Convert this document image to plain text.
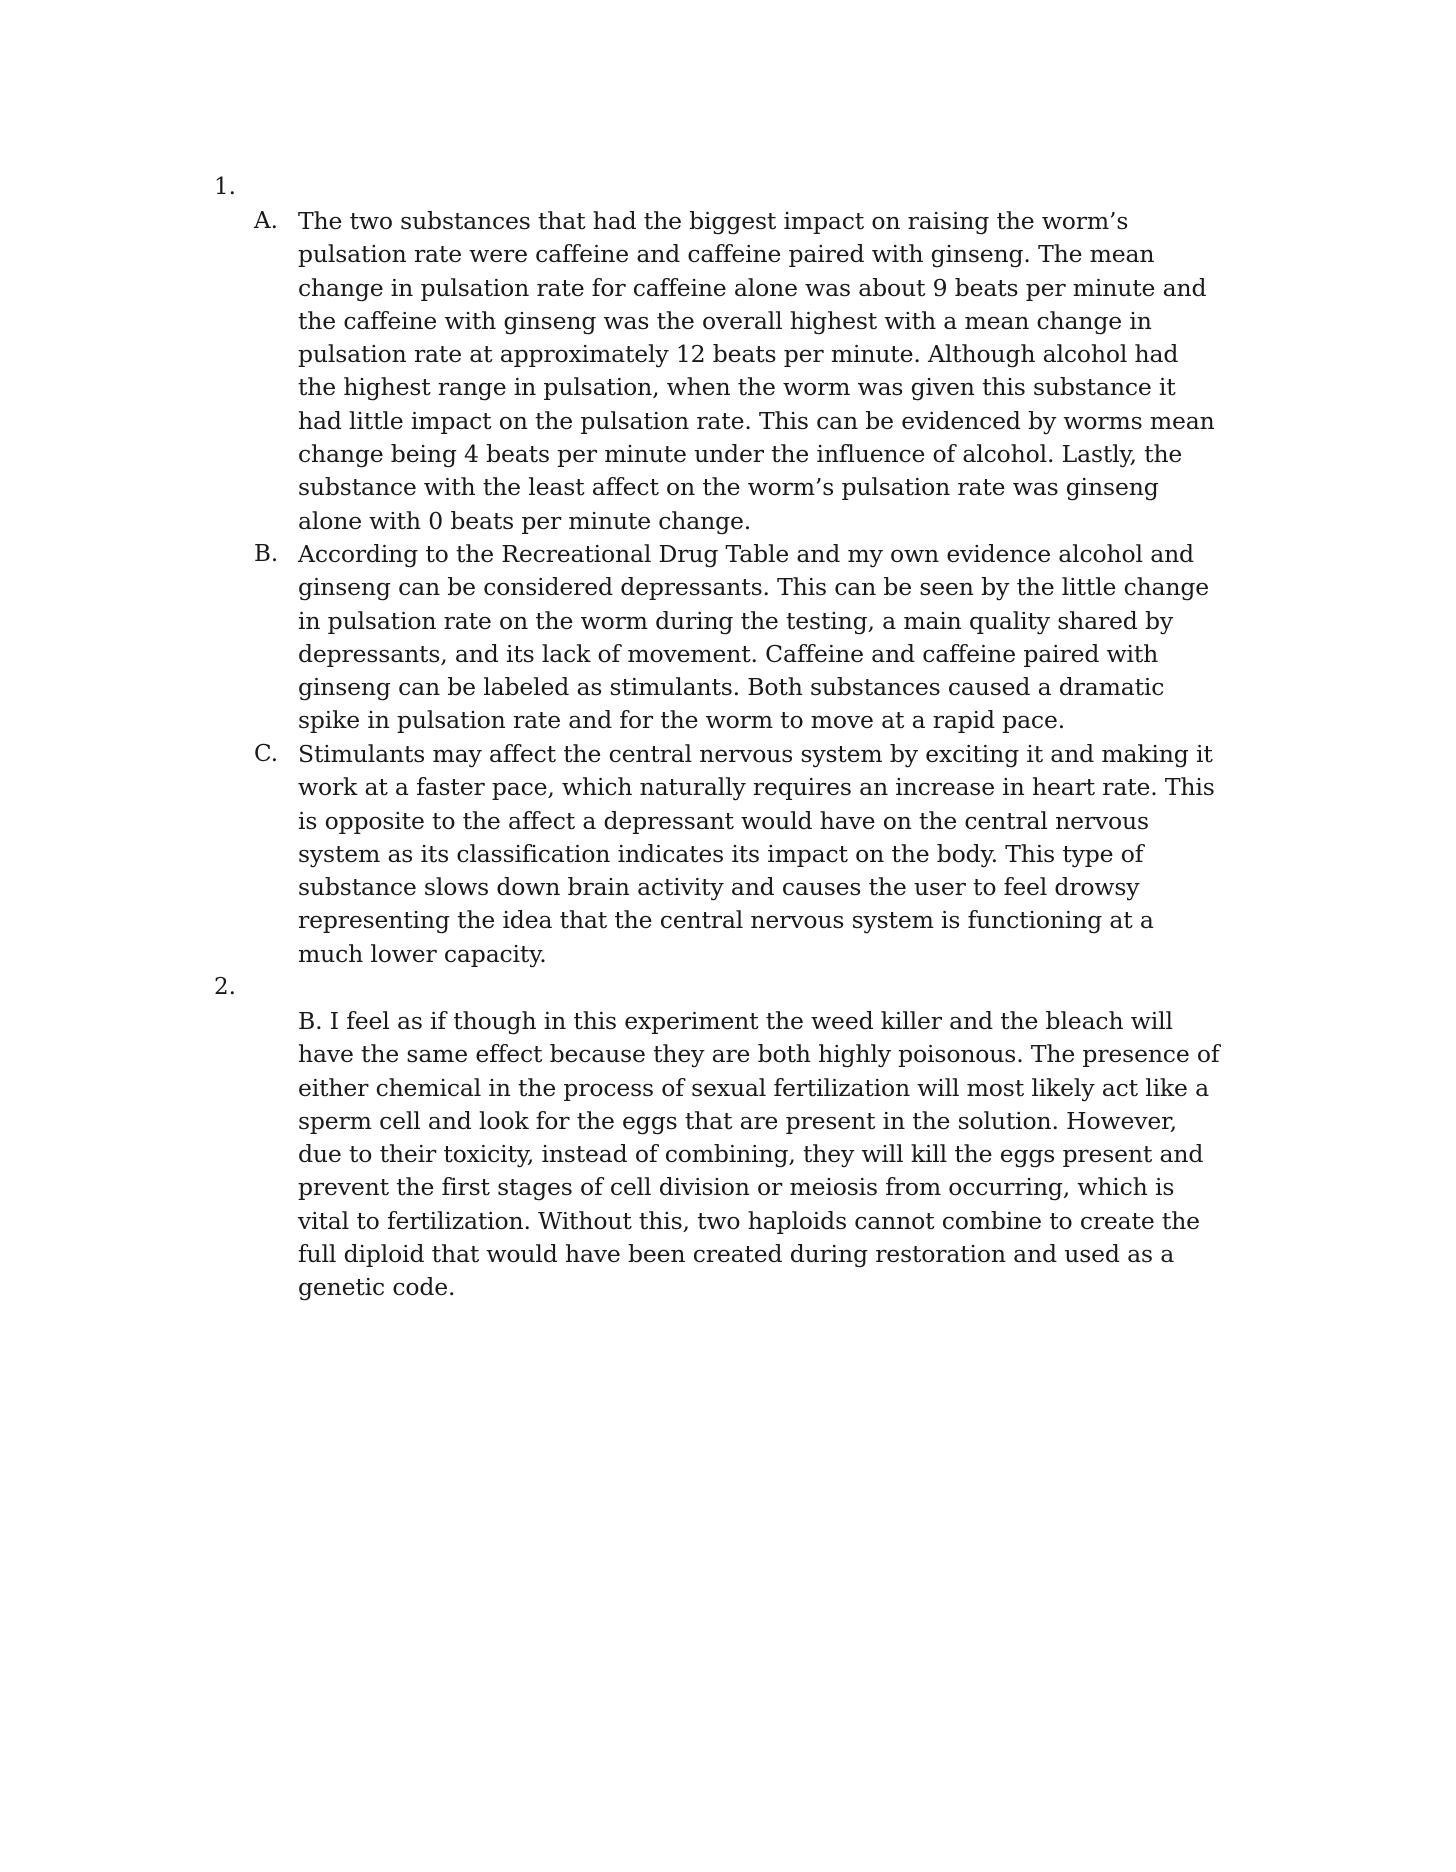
1.
A. The two substances that had the biggest impact on raising the worm’s
pulsation rate were caffeine and caffeine paired with ginseng. The mean
change in pulsation rate for caffeine alone was about 9 beats per minute and
the caffeine with ginseng was the overall highest with a mean change in
pulsation rate at approximately 12 beats per minute. Although alcohol had
the highest range in pulsation, when the worm was given this substance it
had little impact on the pulsation rate. This can be evidenced by worms mean
change being 4 beats per minute under the influence of alcohol. Lastly, the
substance with the least affect on the worm’s pulsation rate was ginseng
alone with 0 beats per minute change.

B. According to the Recreational Drug Table and my own evidence alcohol and
ginseng can be considered depressants. This can be seen by the little change
in pulsation rate on the worm during the testing, a main quality shared by
depressants, and its lack of movement. Caffeine and caffeine paired with
ginseng can be labeled as stimulants. Both substances caused a dramatic
spike in pulsation rate and for the worm to move at a rapid pace.

C. Stimulants may affect the central nervous system by exciting it and making it
work at a faster pace, which naturally requires an increase in heart rate. This
is opposite to the affect a depressant would have on the central nervous
system as its classification indicates its impact on the body. This type of
substance slows down brain activity and causes the user to feel drowsy
representing the idea that the central nervous system is functioning at a
much lower capacity.

2.

B. I feel as if though in this experiment the weed killer and the bleach will
have the same effect because they are both highly poisonous. The presence of
either chemical in the process of sexual fertilization will most likely act like a
sperm cell and look for the eggs that are present in the solution. However,
due to their toxicity, instead of combining, they will kill the eggs present and
prevent the first stages of cell division or meiosis from occurring, which is
vital to fertilization. Without this, two haploids cannot combine to create the
full diploid that would have been created during restoration and used as a
genetic code.
